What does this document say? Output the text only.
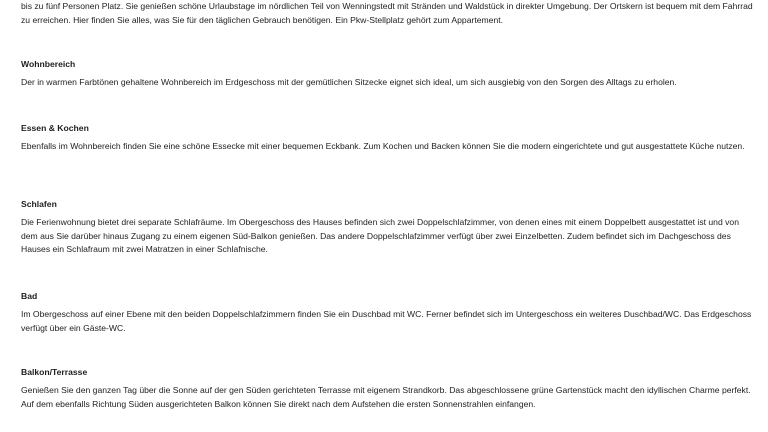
bis zu fünf Personen Platz. Sie genießen schöne Urlaubstage im nördlichen Teil von Wenningstedt mit Stränden und Waldstück in direkter Umgebung. Der Ortskern ist bequem mit dem Fahrrad zu erreichen. Hier finden Sie alles, was Sie für den täglichen Gebrauch benötigen. Ein Pkw-Stellplatz gehört zum Appartement.

Wohnbereich

Der in warmen Farbtönen gehaltene Wohnbereich im Erdgeschoss mit der gemütlichen Sitzecke eignet sich ideal, um sich ausgiebig von den Sorgen des Alltags zu erholen.

Essen & Kochen

Ebenfalls im Wohnbereich finden Sie eine schöne Essecke mit einer bequemen Eckbank. Zum Kochen und Backen können Sie die modern eingerichtete und gut ausgestattete Küche nutzen.

Schlafen

Die Ferienwohnung bietet drei separate Schlafräume. Im Obergeschoss des Hauses befinden sich zwei Doppelschlafzimmer, von denen eines mit einem Doppelbett ausgestattet ist und von dem aus Sie darüber hinaus Zugang zu einem eigenen Süd-Balkon genießen. Das andere Doppelschlafzimmer verfügt über zwei Einzelbetten. Zudem befindet sich im Dachgeschoss des Hauses ein Schlafraum mit zwei Matratzen in einer Schlafnische.

Bad

Im Obergeschoss auf einer Ebene mit den beiden Doppelschlafzimmern finden Sie ein Duschbad mit WC. Ferner befindet sich im Untergeschoss ein weiteres Duschbad/WC. Das Erdgeschoss verfügt über ein Gäste-WC.

Balkon/Terrasse

Genießen Sie den ganzen Tag über die Sonne auf der gen Süden gerichteten Terrasse mit eigenem Strandkorb. Das abgeschlossene grüne Gartenstück macht den idyllischen Charme perfekt. Auf dem ebenfalls Richtung Süden ausgerichteten Balkon können Sie direkt nach dem Aufstehen die ersten Sonnenstrahlen einfangen.
